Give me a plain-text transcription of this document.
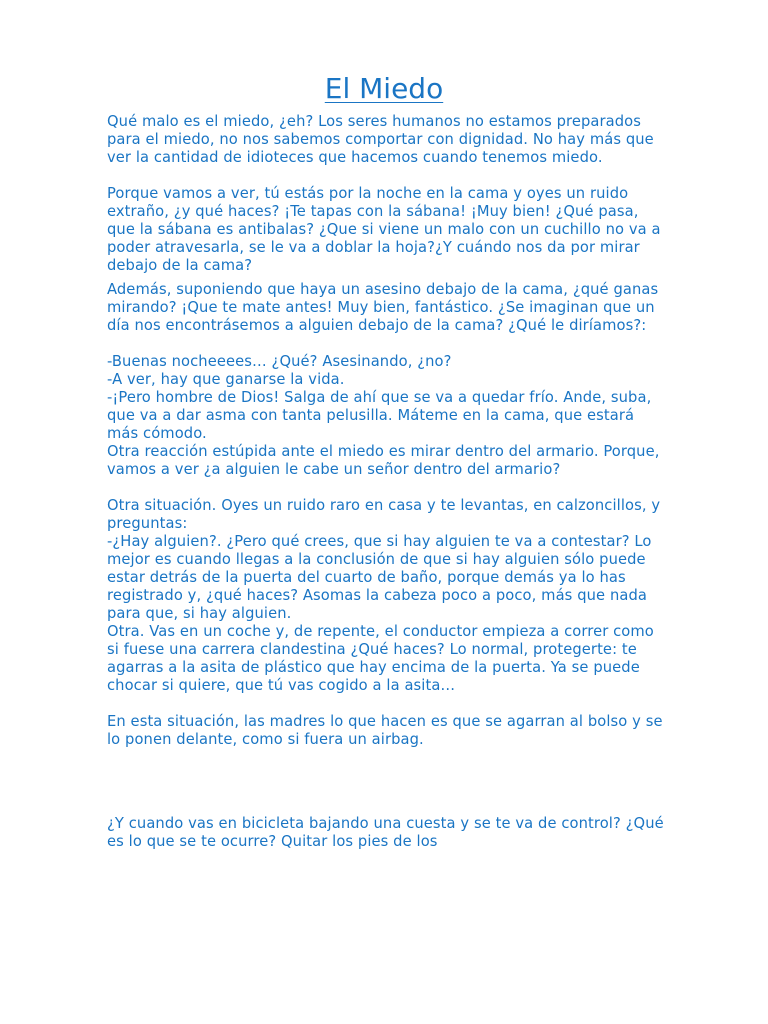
El Miedo

Qué malo es el miedo, ¿eh? Los seres humanos no estamos preparados para el miedo, no nos sabemos comportar con dignidad. No hay más que ver la cantidad de idioteces que hacemos cuando tenemos miedo.

Porque vamos a ver, tú estás por la noche en la cama y oyes un ruido extraño, ¿y qué haces? ¡Te tapas con la sábana! ¡Muy bien! ¿Qué pasa, que la sábana es antibalas? ¿Que si viene un malo con un cuchillo no va a poder atravesarla, se le va a doblar la hoja?¿Y cuándo nos da por mirar debajo de la cama?

Además, suponiendo que haya un asesino debajo de la cama, ¿qué ganas mirando? ¡Que te mate antes! Muy bien, fantástico. ¿Se imaginan que un día nos encontrásemos a alguien debajo de la cama? ¿Qué le diríamos?:

-Buenas nocheeees… ¿Qué? Asesinando, ¿no?

-A ver, hay que ganarse la vida.

-¡Pero hombre de Dios! Salga de ahí que se va a quedar frío. Ande, suba, que va a dar asma con tanta pelusilla. Máteme en la cama, que estará más cómodo.

Otra reacción estúpida ante el miedo es mirar dentro del armario. Porque, vamos a ver ¿a alguien le cabe un señor dentro del armario?

Otra situación. Oyes un ruido raro en casa y te levantas, en calzoncillos, y preguntas:

-¿Hay alguien?. ¿Pero qué crees, que si hay alguien te va a contestar? Lo mejor es cuando llegas a la conclusión de que si hay alguien sólo puede estar detrás de la puerta del cuarto de baño, porque demás ya lo has registrado y, ¿qué haces? Asomas la cabeza poco a poco, más que nada para que, si hay alguien.

Otra. Vas en un coche y, de repente, el conductor empieza a correr como si fuese una carrera clandestina ¿Qué haces? Lo normal, protegerte: te agarras a la asita de plástico que hay encima de la puerta. Ya se puede chocar si quiere, que tú vas cogido a la asita…

En esta situación, las madres lo que hacen es que se agarran al bolso y se lo ponen delante, como si fuera un airbag.

¿Y cuando vas en bicicleta bajando una cuesta y se te va de control? ¿Qué es lo que se te ocurre? Quitar los pies de los
